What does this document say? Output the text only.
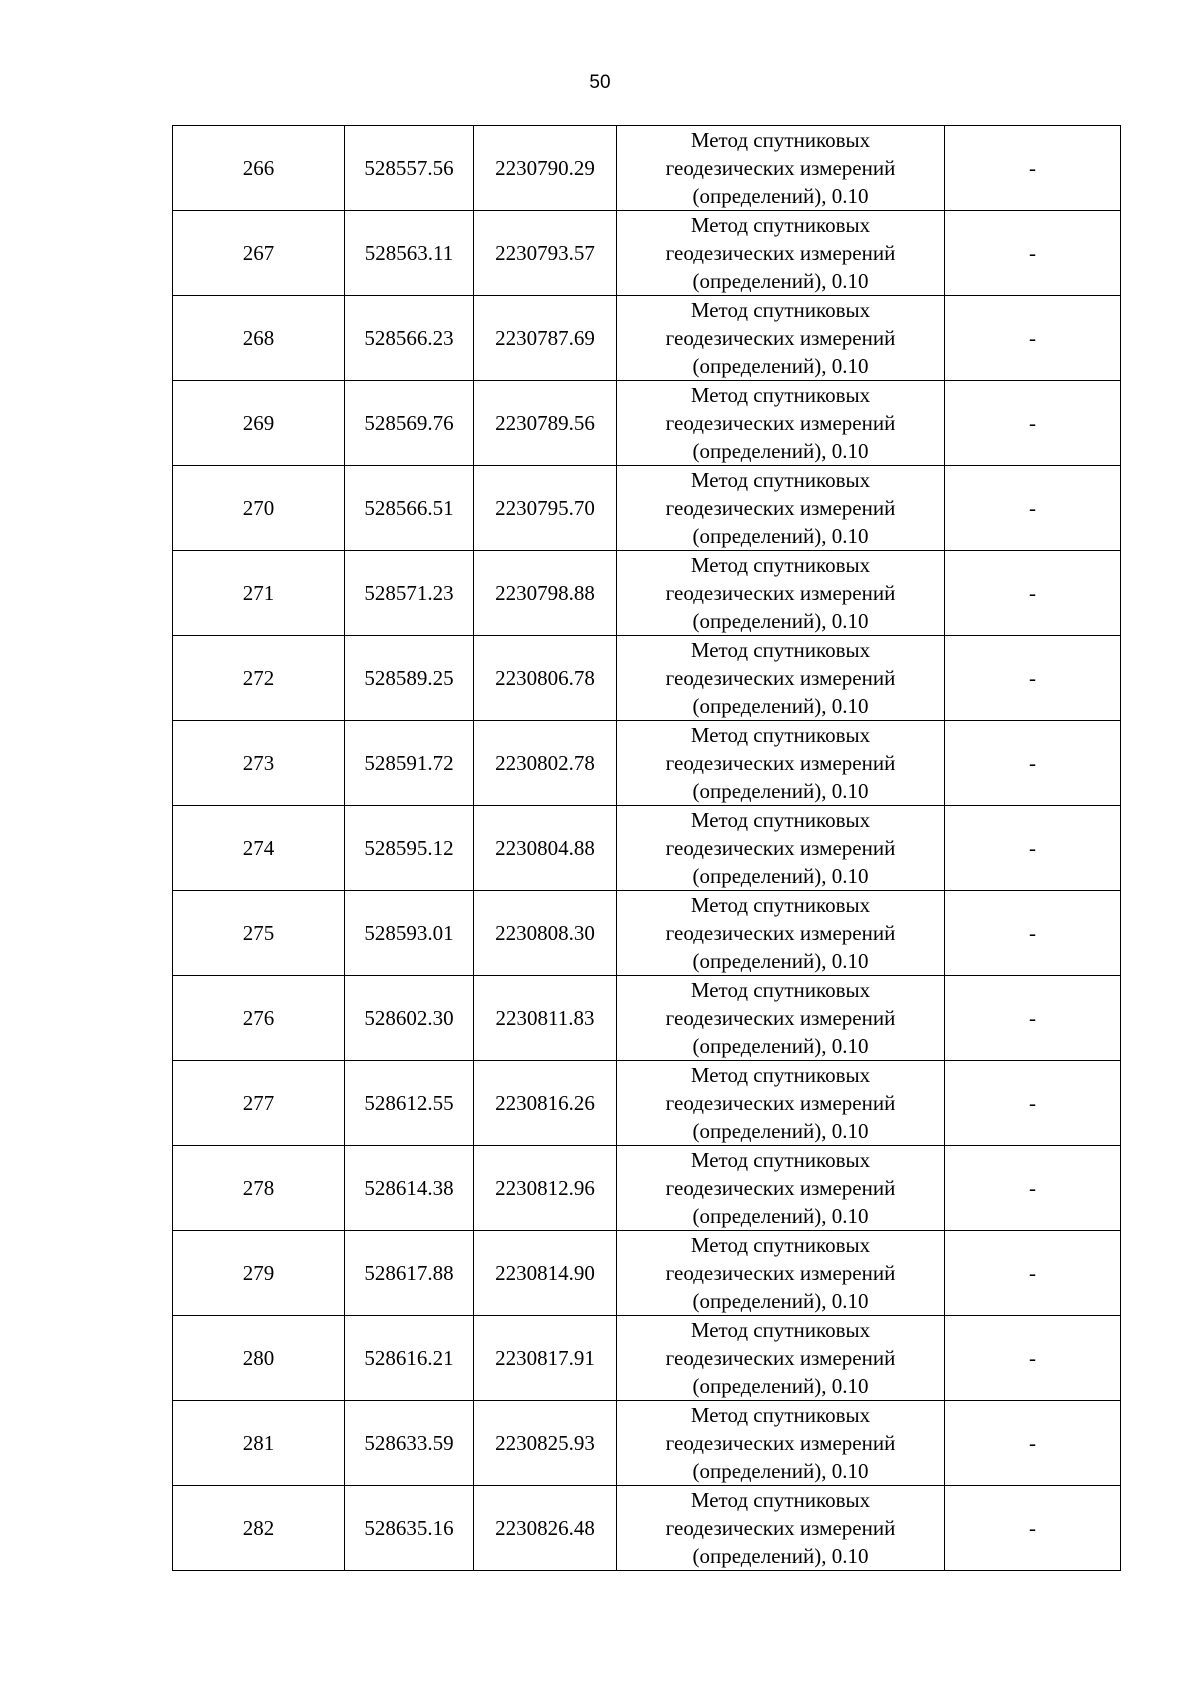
50
266	528557.56	2230790.29	Метод спутниковых
геодезических измерений
(определений), 0.10	-
267	528563.11	2230793.57	Метод спутниковых
геодезических измерений
(определений), 0.10	-
268	528566.23	2230787.69	Метод спутниковых
геодезических измерений
(определений), 0.10	-
269	528569.76	2230789.56	Метод спутниковых
геодезических измерений
(определений), 0.10	-
270	528566.51	2230795.70	Метод спутниковых
геодезических измерений
(определений), 0.10	-
271	528571.23	2230798.88	Метод спутниковых
геодезических измерений
(определений), 0.10	-
272	528589.25	2230806.78	Метод спутниковых
геодезических измерений
(определений), 0.10	-
273	528591.72	2230802.78	Метод спутниковых
геодезических измерений
(определений), 0.10	-
274	528595.12	2230804.88	Метод спутниковых
геодезических измерений
(определений), 0.10	-
275	528593.01	2230808.30	Метод спутниковых
геодезических измерений
(определений), 0.10	-
276	528602.30	2230811.83	Метод спутниковых
геодезических измерений
(определений), 0.10	-
277	528612.55	2230816.26	Метод спутниковых
геодезических измерений
(определений), 0.10	-
278	528614.38	2230812.96	Метод спутниковых
геодезических измерений
(определений), 0.10	-
279	528617.88	2230814.90	Метод спутниковых
геодезических измерений
(определений), 0.10	-
280	528616.21	2230817.91	Метод спутниковых
геодезических измерений
(определений), 0.10	-
281	528633.59	2230825.93	Метод спутниковых
геодезических измерений
(определений), 0.10	-
282	528635.16	2230826.48	Метод спутниковых
геодезических измерений
(определений), 0.10	-
